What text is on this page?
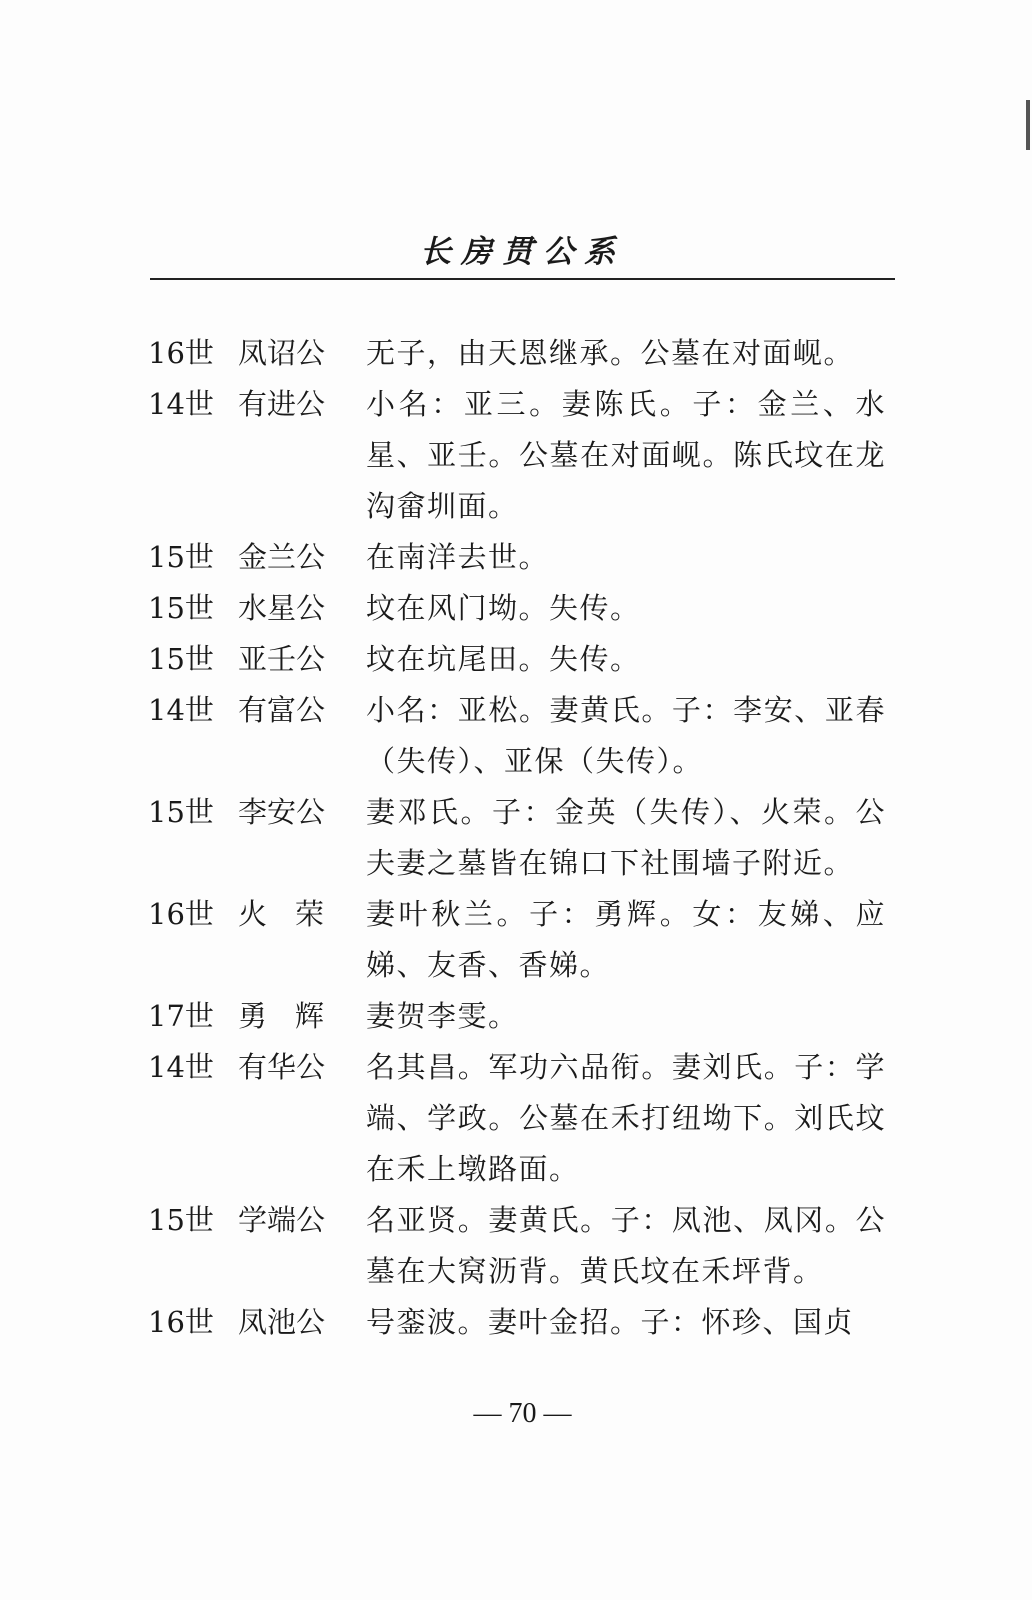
长房贯公系
16世 凤诏公	无子，由天恩继承。公墓在对面岘。
14世 有进公	小名：亚三。妻陈氏。子：金兰、水星、亚壬。公墓在对面岘。陈氏坟在龙沟畲圳面。
15世 金兰公	在南洋去世。
15世 水星公	坟在风门坳。失传。
15世 亚壬公	坟在坑尾田。失传。
14世 有富公	小名：亚松。妻黄氏。子：李安、亚春（失传）、亚保（失传）。
15世 李安公	妻邓氏。子：金英（失传）、火荣。公夫妻之墓皆在锦口下社围墙子附近。
16世 火荣 妻叶秋兰。子：勇辉。女：友娣、应娣、友香、香娣。
17世 勇辉 妻贺李雯。
14世 有华公	名其昌。军功六品衔。妻刘氏。子：学端、学政。公墓在禾打纽坳下。刘氏坟在禾上墩路面。
15世 学端公	名亚贤。妻黄氏。子：凤池、凤冈。公墓在大窝沥背。黄氏坟在禾坪背。
16世 凤池公	号銮波。妻叶金招。子：怀珍、国贞
— 70 —
